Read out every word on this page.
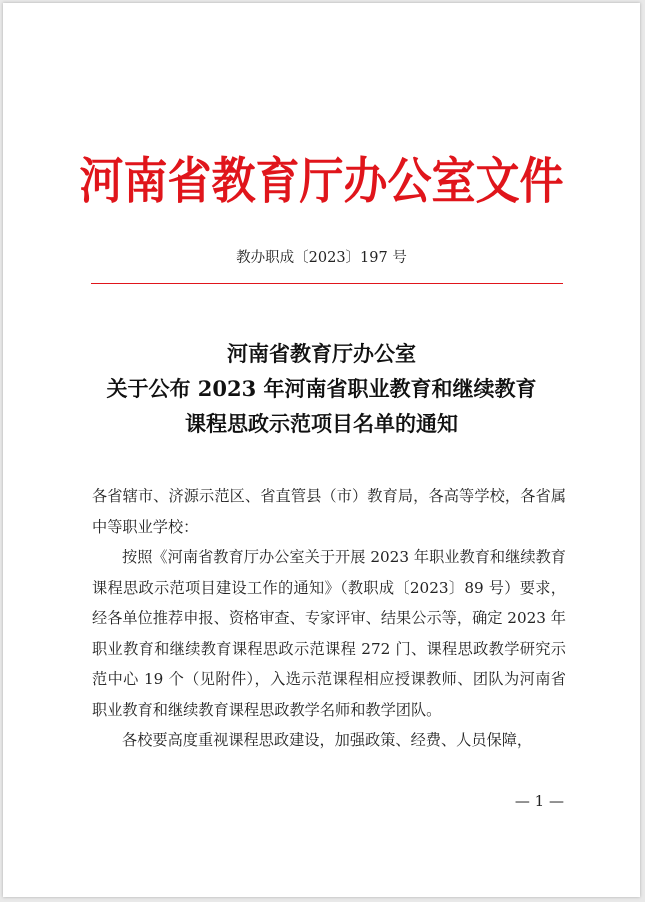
河南省教育厅办公室文件
教办职成〔2023〕197 号
河南省教育厅办公室
关于公布 2023 年河南省职业教育和继续教育
课程思政示范项目名单的通知

各省辖市、济源示范区、省直管县（市）教育局，各高等学校，各省属中等职业学校：

按照《河南省教育厅办公室关于开展 2023 年职业教育和继续教育课程思政示范项目建设工作的通知》（教职成〔2023〕89 号）要求，经各单位推荐申报、资格审查、专家评审、结果公示等，确定 2023 年职业教育和继续教育课程思政示范课程 272 门、课程思政教学研究示范中心 19 个（见附件），入选示范课程相应授课教师、团队为河南省职业教育和继续教育课程思政教学名师和教学团队。

各校要高度重视课程思政建设，加强政策、经费、人员保障，

— 1 —
